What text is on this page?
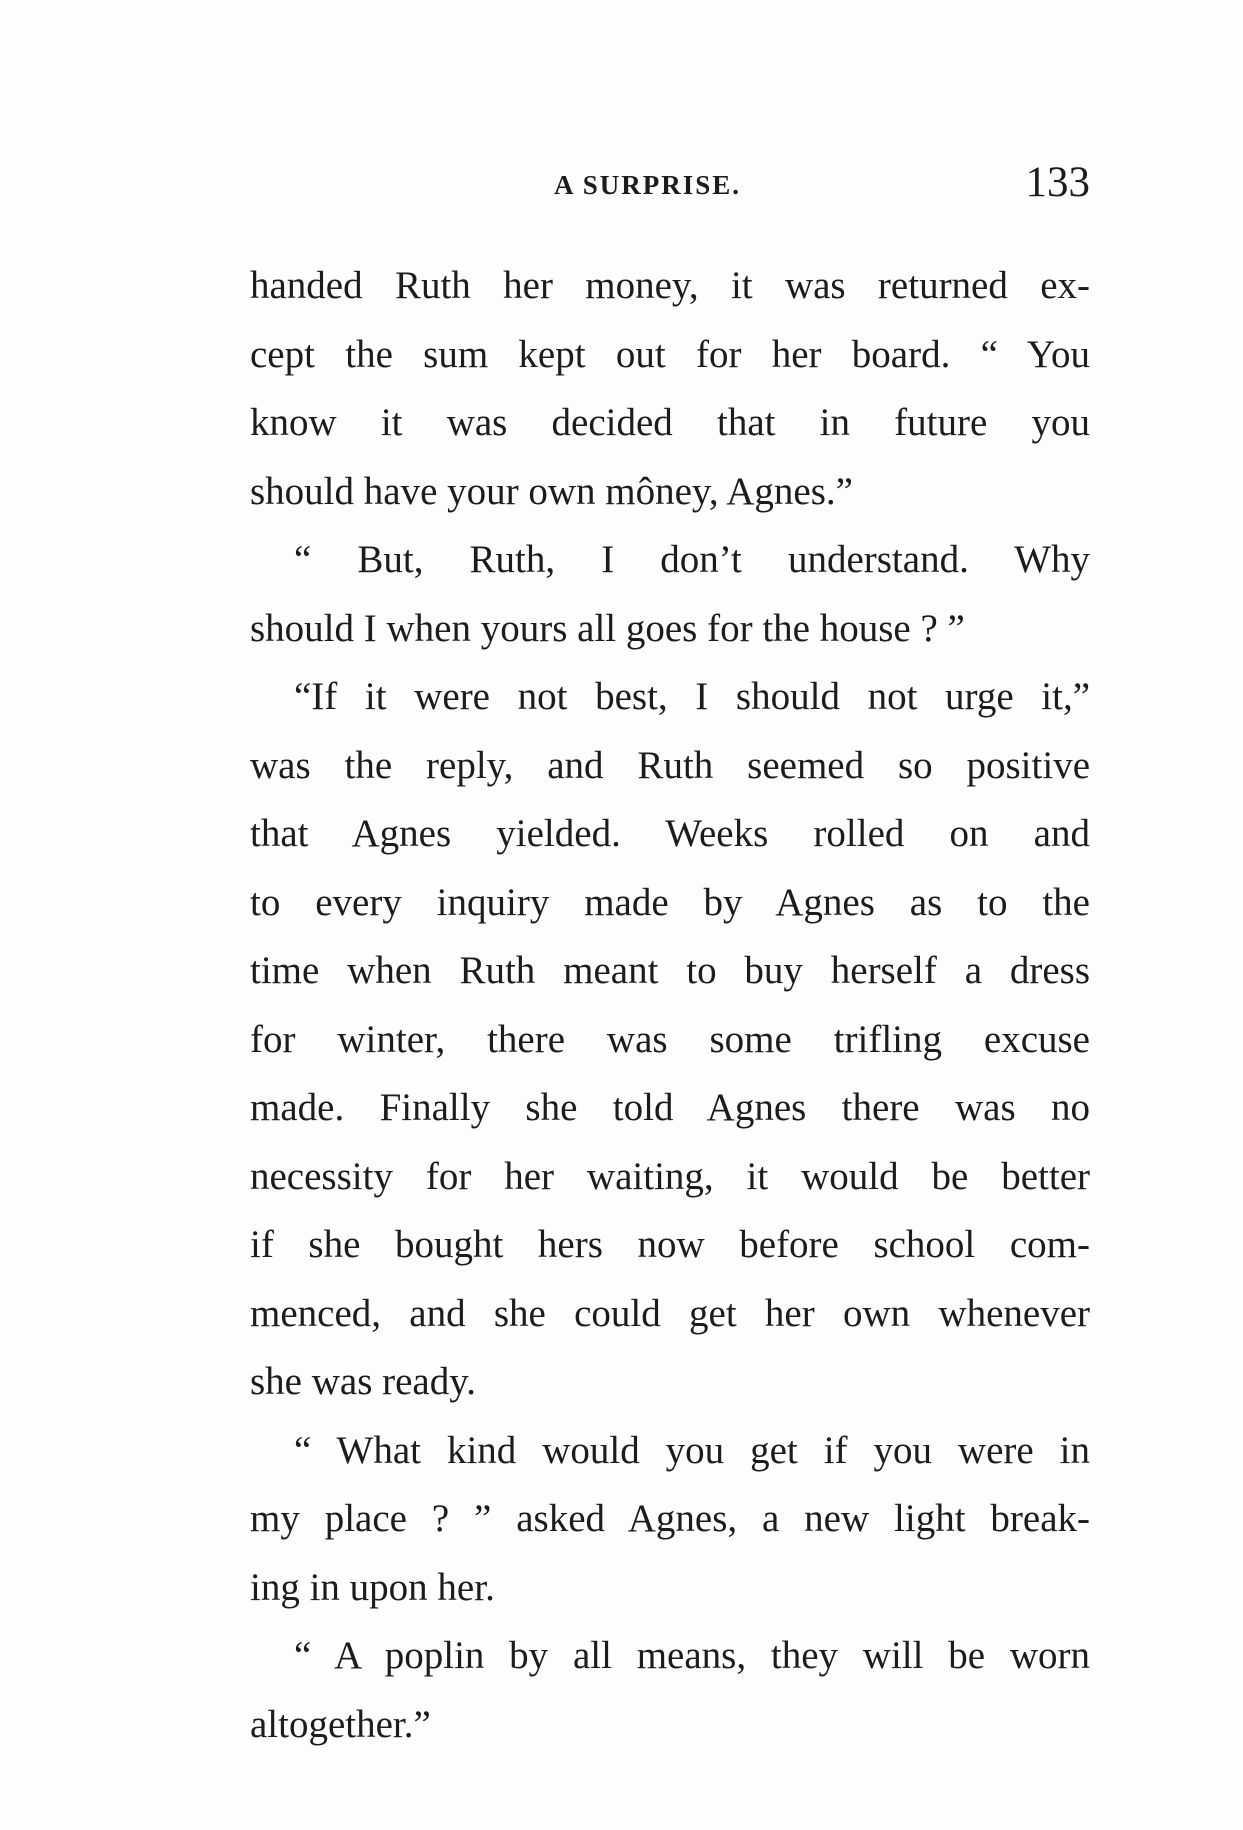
A SURPRISE.	133
handed Ruth her money, it was returned ex-
cept the sum kept out for her board. “ You
know it was decided that in future you
should have your own môney, Agnes.”
“ But, Ruth, I don’t understand. Why
should I when yours all goes for the house ? ”
“If it were not best, I should not urge it,”
was the reply, and Ruth seemed so positive
that Agnes yielded. Weeks rolled on and
to every inquiry made by Agnes as to the
time when Ruth meant to buy herself a dress
for winter, there was some trifling excuse
made. Finally she told Agnes there was no
necessity for her waiting, it would be better
if she bought hers now before school com-
menced, and she could get her own whenever
she was ready.
“ What kind would you get if you were in
my place ? ” asked Agnes, a new light break-
ing in upon her.
“ A poplin by all means, they will be worn
altogether.”
